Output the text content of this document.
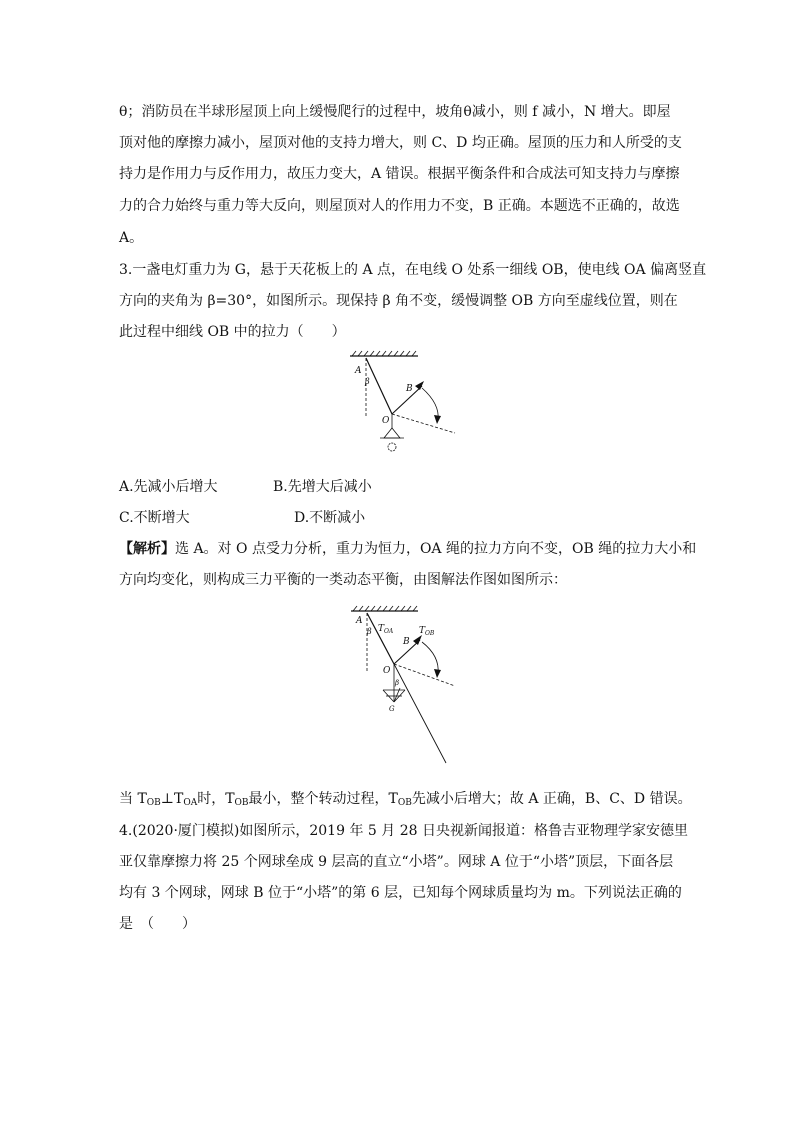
θ；消防员在半球形屋顶上向上缓慢爬行的过程中，坡角θ减小，则 f 减小，N 增大。即屋
顶对他的摩擦力减小，屋顶对他的支持力增大，则 C、D 均正确。屋顶的压力和人所受的支
持力是作用力与反作用力，故压力变大，A 错误。根据平衡条件和合成法可知支持力与摩擦
力的合力始终与重力等大反向，则屋顶对人的作用力不变，B 正确。本题选不正确的，故选
A。
3.一盏电灯重力为 G，悬于天花板上的 A 点，在电线 O 处系一细线 OB，使电线 OA 偏离竖直
方向的夹角为 β=30°，如图所示。现保持 β 角不变，缓慢调整 OB 方向至虚线位置，则在
此过程中细线 OB 中的拉力（　　）
A
β
B
O
A.先减小后增大	B.先增大后减小
C.不断增大	D.不断减小
【解析】选 A。对 O 点受力分析，重力为恒力，OA 绳的拉力方向不变，OB 绳的拉力大小和
方向均变化，则构成三力平衡的一类动态平衡，由图解法作图如图所示：
A
β $T_{OA}$	$T_{OB}$
B
O
β
G
当 TOB⊥TOA时，TOB最小，整个转动过程，TOB先减小后增大；故 A 正确，B、C、D 错误。
4.(2020·厦门模拟)如图所示，2019 年 5 月 28 日央视新闻报道：格鲁吉亚物理学家安德里
亚仅靠摩擦力将 25 个网球垒成 9 层高的直立“小塔”。网球 A 位于“小塔”顶层，下面各层
均有 3 个网球，网球 B 位于“小塔”的第 6 层，已知每个网球质量均为 m。下列说法正确的
是　（　　）
